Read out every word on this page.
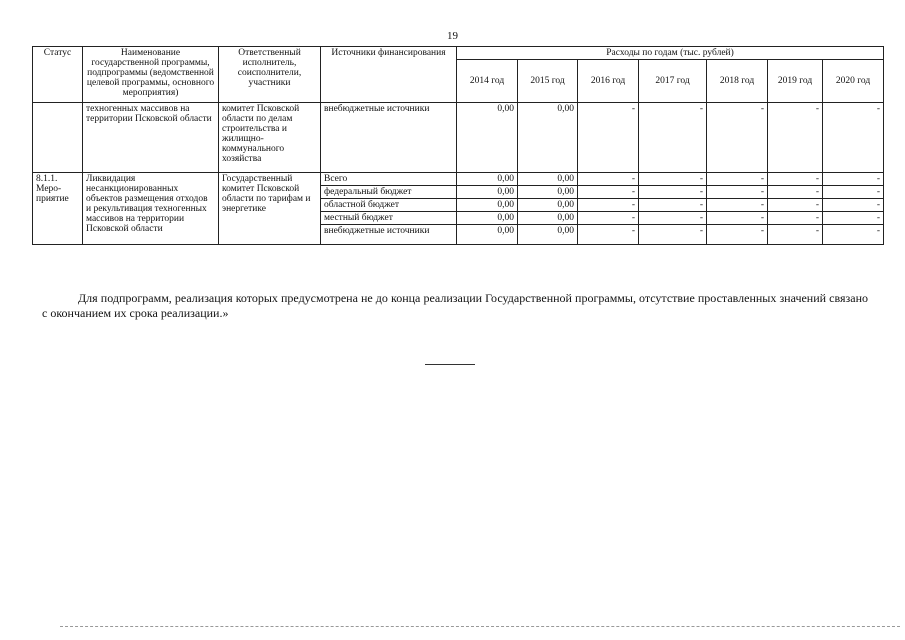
19
Статус	Наименование государственной программы, подпрограммы (ведомственной целевой программы, основного мероприятия)	Ответственный исполнитель, соисполнители, участники	Источники финансирования	Расходы по годам (тыс. рублей)						
				2014 год	2015 год	2016 год	2017 год	2018 год	2019 год	2020 год
	техногенных массивов на территории Псковской области	комитет Псковской области по делам строительства и жилищно-коммунального хозяйства	внебюджетные источники	0,00	0,00	-	-	-	-	-
8.1.1. Меро-приятие	Ликвидация несанкционированных объектов размещения отходов и рекультивация техногенных массивов на территории Псковской области	Государственный комитет Псковской области по тарифам и энергетике	Всего	0,00	0,00	-	-	-	-	-
			федеральный бюджет	0,00	0,00	-	-	-	-	-
			областной бюджет	0,00	0,00	-	-	-	-	-
			местный бюджет	0,00	0,00	-	-	-	-	-
			внебюджетные источники	0,00	0,00	-	-	-	-	-
Для подпрограмм, реализация которых предусмотрена не до конца реализации Государственной программы, отсутствие проставленных значений связано с окончанием их срока реализации.»
